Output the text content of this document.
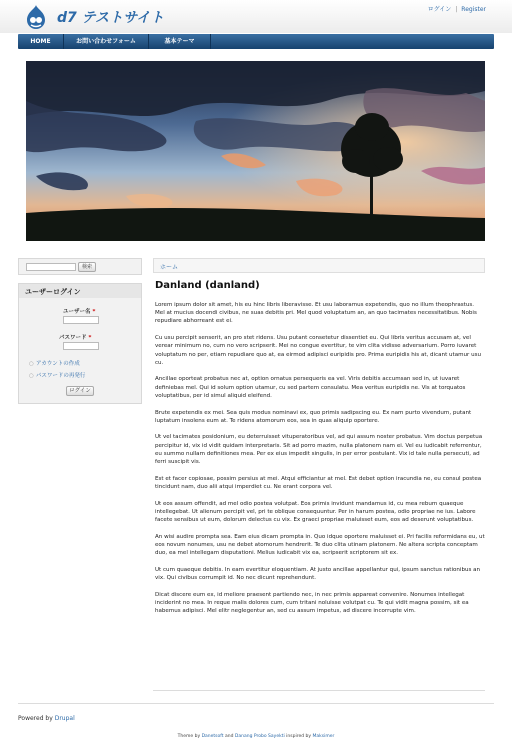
d7 テストサイト
ログイン | Register
HOME	お問い合わせフォーム	基本テーマ
検索
ユーザーログイン
ユーザー名 *
パスワード *
○ アカウントの作成
○ パスワードの再発行
ログイン
ホーム
Danland (danland)

Lorem ipsum dolor sit amet, his eu hinc libris liberavisse. Et usu laboramus expetendis, quo no illum theophrastus. Mel at mucius docendi civibus, ne suas debitis pri. Mel quod voluptatum an, an quo tacimates necessitatibus. Nobis repudiare abhorreant est ei.

Cu usu percipit senserit, an pro stet ridens. Usu putant consetetur dissentiet eu. Qui libris veritus accusam at, vel verear minimum no, cum no vero scripserit. Mei no congue evertitur, te vim clita vidisse adversarium. Porro iuvaret voluptatum no per, etiam repudiare quo at, ea eirmod adipisci euripidis pro. Prima euripidis his at, dicant utamur usu cu.

Ancillae oporteat probatus nec at, option ornatus persequeris ea vel. Viris debitis accumsan sed in, ut iuvaret definiebas mel. Qui id solum option utamur, cu sed partem consulatu. Mea veritus euripidis ne. Vis at torquatos voluptatibus, per id simul aliquid eleifend.

Brute expetendis ex mei. Sea quis modus nominavi ex, quo primis sadipscing eu. Ex nam purto vivendum, putant luptatum insolens eum at. Te ridens atomorum eos, sea in quas aliquip oportere.

Ut vel tacimates posidonium, eu deterruisset vituperatoribus vel, ad qui assum noster probatus. Vim doctus perpetua percipitur id, vix id vidit quidam interpretaris. Sit ad porro mazim, nulla platonem nam ei. Vel eu iudicabit referrentur, eu summo nullam definitiones mea. Per ex eius impedit singulis, in per error postulant. Vix id tale nulla persecuti, ad ferri suscipit vis.

Est et facer copiosae, possim persius at mei. Atqui efficiantur at mel. Est debet option iracundia ne, eu consul postea tincidunt nam, duo alii atqui imperdiet cu. Ne erant corpora vel.

Ut eos assum offendit, ad mel odio postea volutpat. Eos primis invidunt mandamus id, cu mea rebum quaeque intellegebat. Ut alienum percipit vel, pri te oblique consequuntur. Per in harum postea, odio propriae ne ius. Labore facete sensibus ut eum, dolorum delectus cu vix. Ex graeci propriae maluisset eum, eos ad deserunt voluptatibus.

An wisi audire prompta sea. Eam eius dicam prompta in. Quo idque oportere maluisset ei. Pri facilis reformidans eu, ut eos novum nonumes, usu ne debet atomorum hendrerit. Te duo clita utinam platonem. Ne altera scripta conceptam duo, ea mel intellegam disputationi. Melius iudicabit vix ea, scripserit scriptorem sit ex.

Ut cum quaeque debitis. In eam evertitur eloquentiam. At justo ancillae appellantur qui, ipsum sanctus rationibus an vix. Qui civibus corrumpit id. No nec dicunt reprehendunt.

Dicat discere eum ex, id meliore praesent partiendo nec, in nec primis appareat convenire. Nonumes intellegat inciderint no mea. In reque malis dolores cum, cum tritani noluisse volutpat cu. Te qui vidit magna possim, sit ea habemus adipisci. Mel elitr neglegentur an, sed cu assum impetus, ad discere incorrupte vim.

Powered by Drupal
Theme by Danetsoft and Danang Probo Sayekti inspired by Maksimer
